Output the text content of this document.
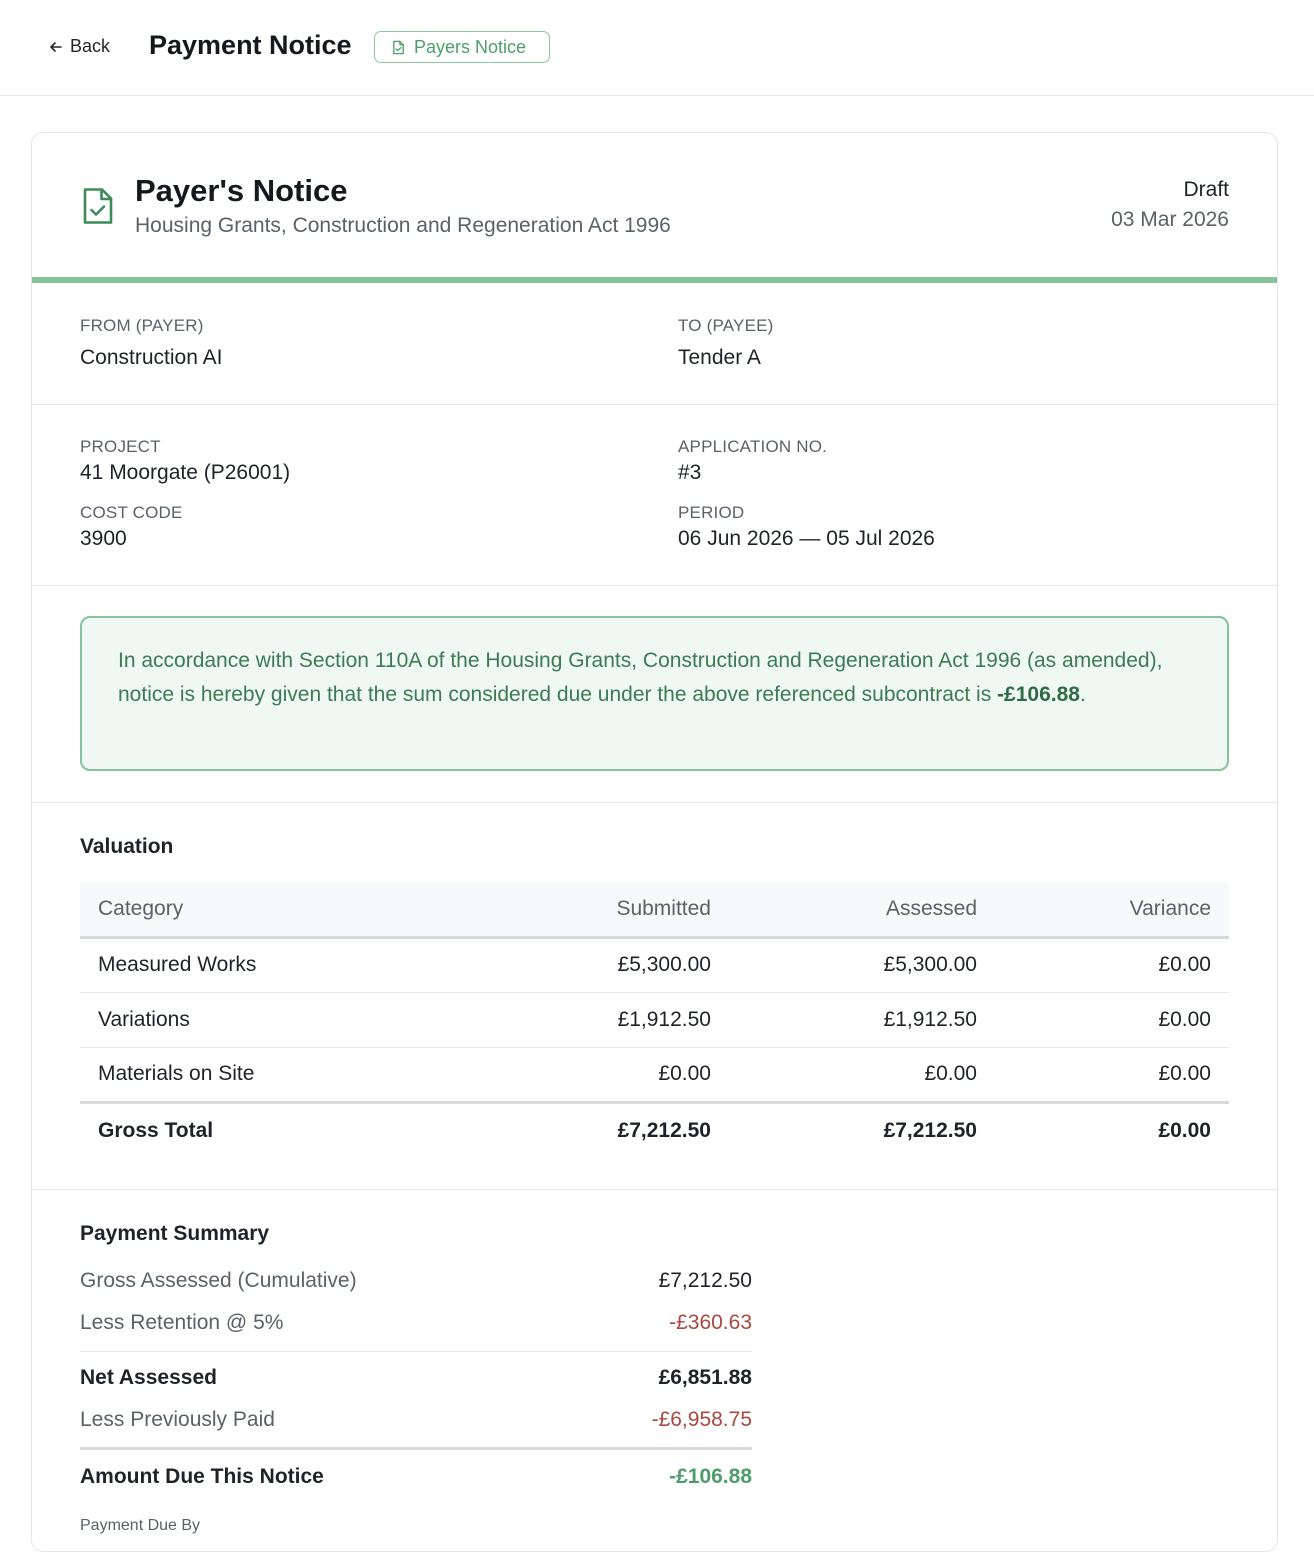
Back Payment Notice	Payers Notice
Payer's Notice
Housing Grants, Construction and Regeneration Act 1996
Draft
03 Mar 2026
FROM (PAYER)
Construction AI
TO (PAYEE)
Tender A
PROJECT
41 Moorgate (P26001)
COST CODE
3900
APPLICATION NO.
#3
PERIOD
06 Jun 2026 — 05 Jul 2026
In accordance with Section 110A of the Housing Grants, Construction and Regeneration Act 1996 (as amended), notice is hereby given that the sum considered due under the above referenced subcontract is -£106.88.
Valuation
Category	Submitted	Assessed	Variance
Measured Works	£5,300.00	£5,300.00	£0.00
Variations	£1,912.50	£1,912.50	£0.00
Materials on Site	£0.00	£0.00	£0.00
Gross Total	£7,212.50	£7,212.50	£0.00
Payment Summary
Gross Assessed (Cumulative)	£7,212.50
Less Retention @ 5%	-£360.63
Net Assessed	£6,851.88
Less Previously Paid	-£6,958.75
Amount Due This Notice	-£106.88
Payment Due By
